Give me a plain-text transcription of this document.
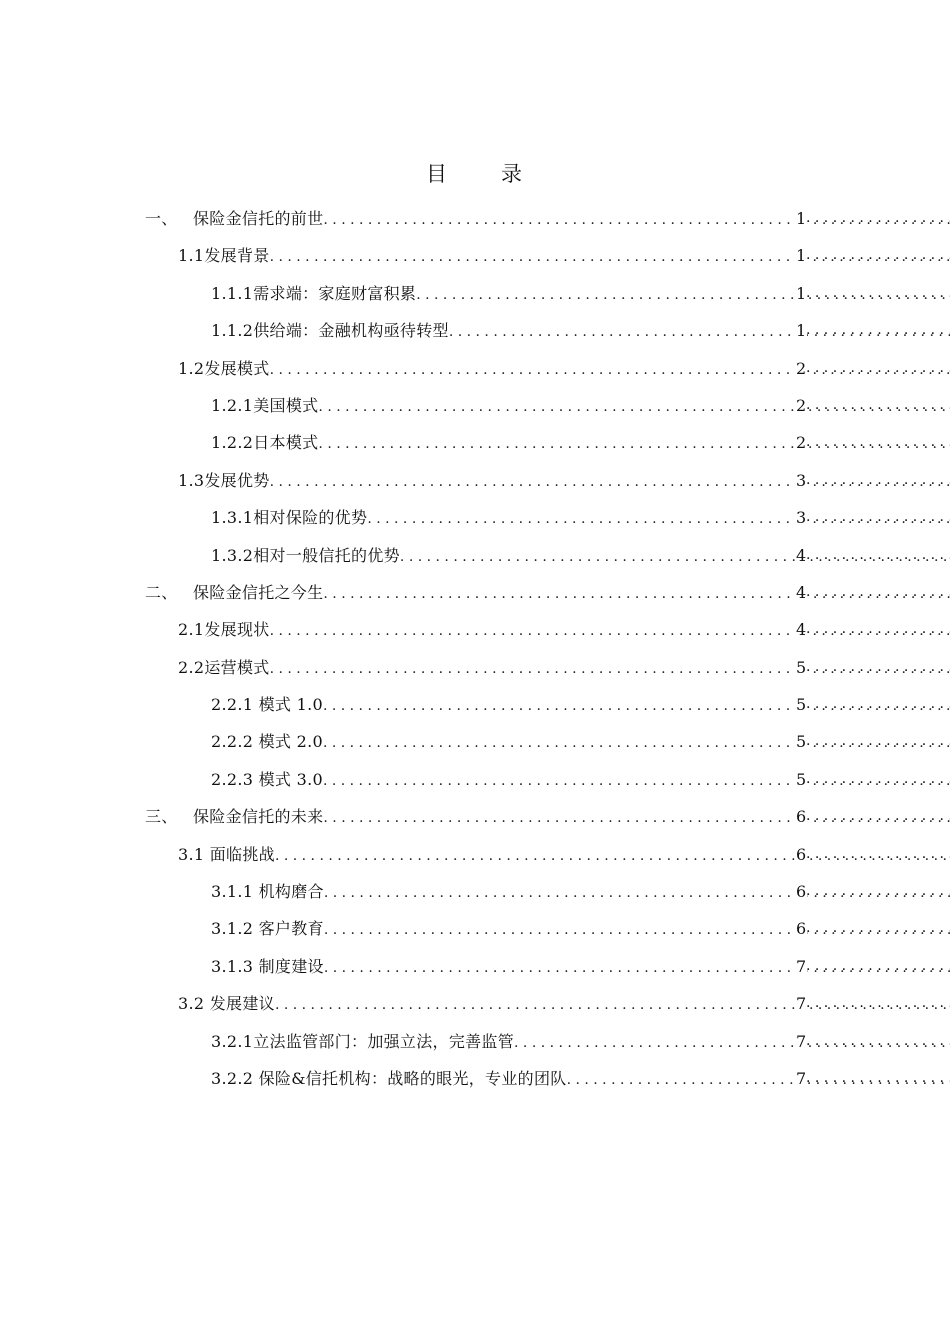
目 录
一、 保险金信托的前世 . . . . . .	1
1.1发展背景 . . . . . .	1
1.1.1需求端：家庭财富积累 . . . . . .	1
1.1.2供给端：金融机构亟待转型 . . . . . .	1
1.2发展模式 . . . . . .	2
1.2.1美国模式 . . . . . .	2
1.2.2日本模式 . . . . . .	2
1.3发展优势 . . . . . .	3
1.3.1相对保险的优势 . . . . . .	3
1.3.2相对一般信托的优势 . . . . . .	4
二、 保险金信托之今生 . . . . . .	4
2.1发展现状 . . . . . .	4
2.2运营模式 . . . . . .	5
2.2.1 模式 1.0 . . . . . .	5
2.2.2 模式 2.0 . . . . . .	5
2.2.3 模式 3.0 . . . . . .	5
三、 保险金信托的未来 . . . . . .	6
3.1 面临挑战 . . . . . .	6
3.1.1 机构磨合 . . . . . .	6
3.1.2 客户教育 . . . . . .	6
3.1.3 制度建设 . . . . . .	7
3.2 发展建议 . . . . . .	7
3.2.1立法监管部门：加强立法，完善监管 . . . . . .	7
3.2.2 保险&信托机构：战略的眼光，专业的团队 . . . . . .	7
